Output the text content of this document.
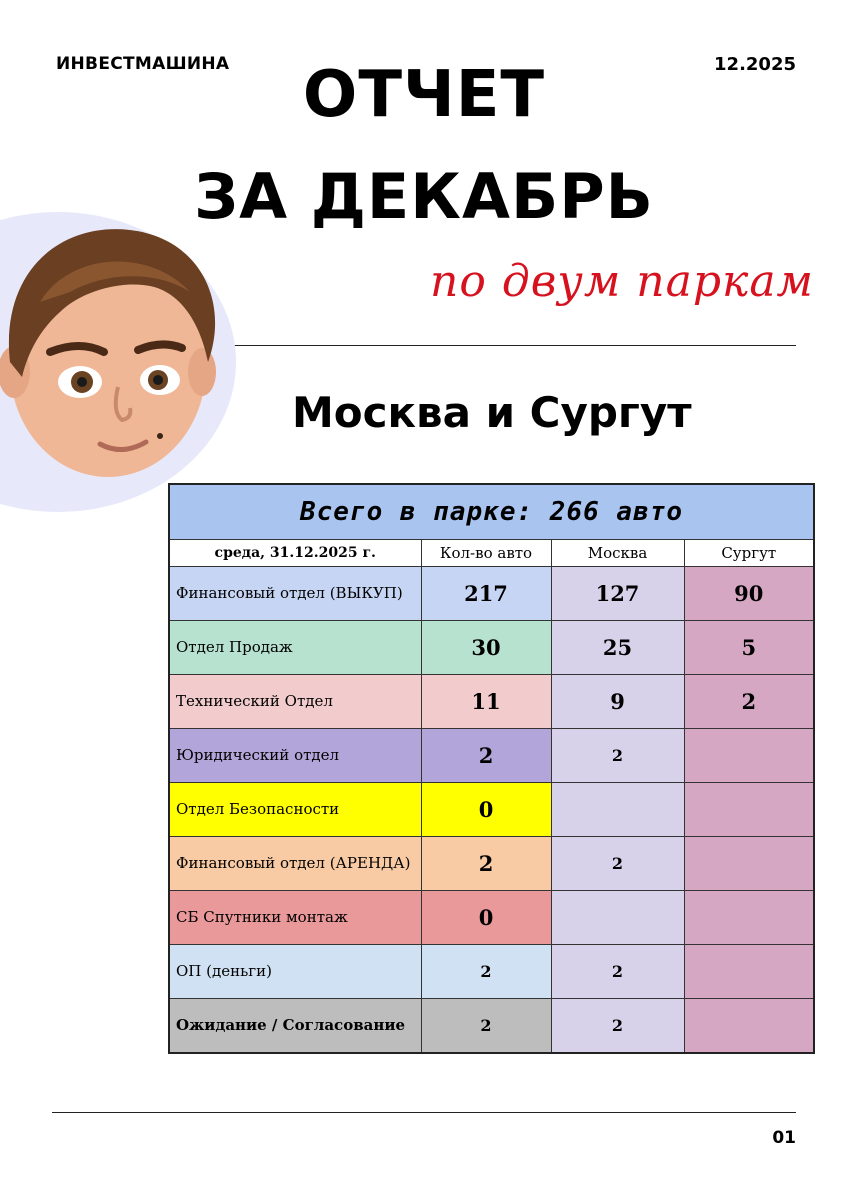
ИНВЕСТМАШИНА	12.2025
ОТЧЕТ
ЗА ДЕКАБРЬ
по двум паркам
Москва и Сургут
Всего в парке: 266 авто			
среда, 31.12.2025 г.	Кол-во авто	Москва	Сургут
Финансовый отдел (ВЫКУП)	217	127	90
Отдел Продаж	30	25	5
Технический Отдел	11	9	2
Юридический отдел	2	2	
Отдел Безопасности	0		
Финансовый отдел (АРЕНДА)	2	2	
СБ Спутники монтаж	0		
ОП (деньги)	2	2	
Ожидание / Согласование	2	2	
01
